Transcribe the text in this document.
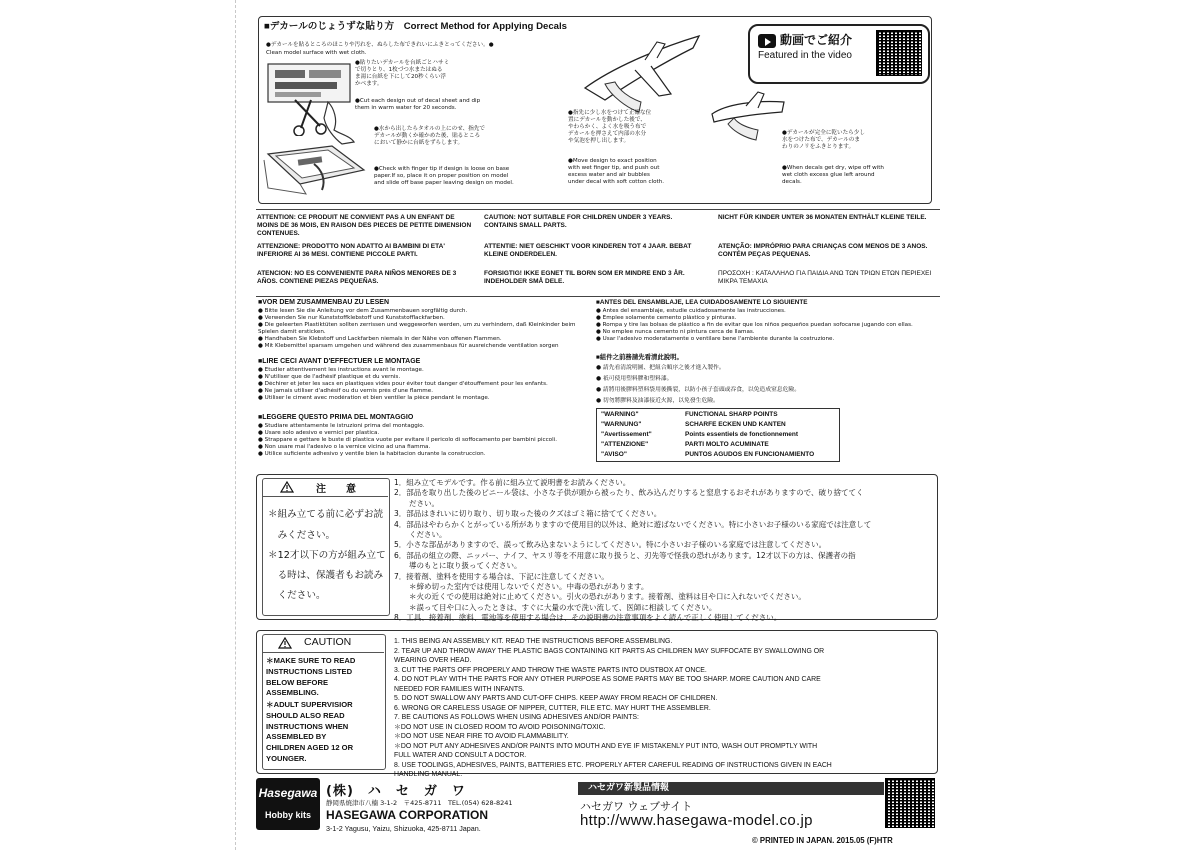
■デカールのじょうずな貼り方　Correct Method for Applying Decals
●デカールを貼るところのほこりや汚れを、ぬらした布できれいにふきとってください。●
Clean model surface with wet cloth.
●貼りたいデカールを台紙ごとハサミ
で切りとり、1枚づつ水またはぬる
ま湯に台紙を下にして20秒くらい浮
かべます。
●Cut each design out of decal sheet and dip
them in warm water for 20 seconds.
●水から出したらタオルの上にのせ、指先で
デカールが動くか確かめた後、貼るところ
において静かに台紙をずらします。
●Check with finger tip if design is loose on base
paper.If so, place it on proper position on model
and slide off base paper leaving design on model.
●指先に少し水をつけて正確な位
置にデカールを動かした後で、
やわらかく、よく水を吸う布で
デカールを押さえて内部の水分
や気泡を押し出します。
●Move design to exact position
with wet finger tip, and push out
excess water and air bubbles
under decal with soft cotton cloth.
●デカールが完全に乾いたら少し
水をつけた布で、デカールのま
わりのノリをふきとります。
●When decals get dry, wipe off with
wet cloth excess glue left around
decals.
動画でご紹介
Featured in the video
ATTENTION: CE PRODUIT NE CONVIENT PAS A UN ENFANT DE MOINS DE 36 MOIS, EN RAISON DES PIECES DE PETITE DIMENSION CONTENUES.
CAUTION: NOT SUITABLE FOR CHILDREN UNDER 3 YEARS. CONTAINS SMALL PARTS.
NICHT FÜR KINDER UNTER 36 MONATEN ENTHÄLT KLEINE TEILE.
ATTENZIONE: PRODOTTO NON ADATTO AI BAMBINI DI ETA' INFERIORE AI 36 MESI. CONTIENE PICCOLE PARTI.
ATTENTIE: NIET GESCHIKT VOOR KINDEREN TOT 4 JAAR. BEBAT KLEINE ONDERDELEN.
ATENÇÃO: IMPRÓPRIO PARA CRIANÇAS COM MENOS DE 3 ANOS. CONTÉM PEÇAS PEQUENAS.
ATENCION: NO ES CONVENIENTE PARA NIÑOS MENORES DE 3 AÑOS. CONTIENE PIEZAS PEQUEÑAS.
FORSIGTIG! IKKE EGNET TIL BORN SOM ER MINDRE END 3 ÅR. INDEHOLDER SMÅ DELE.
ΠΡΟΣΟΧΗ : ΚΑΤΑΛΛΗΛΟ ΓΙΑ ΠΑΙΔΙΑ ΑΝΩ ΤΩΝ ΤΡΙΩΝ ΕΤΩΝ ΠΕΡΙΕΧΕΙ ΜΙΚΡΑ ΤΕΜΑΧΙΑ
■VOR DEM ZUSAMMENBAU ZU LESEN
● Bitte lesen Sie die Anleitung vor dem Zusammenbauen sorgfältig durch.
● Verwenden Sie nur Kunststoffklebstoff und Kunststofflackfarben.
● Die geleerten Plastiktüten sollten zerrissen und weggeworfen werden, um zu verhindern, daß Kleinkinder beim Spielen damit ersticken.
● Handhaben Sie Klebstoff und Lackfarben niemals in der Nähe von offenen Flammen.
● Mit Klebemittel sparsam umgehen und während des zusammenbaus für ausreichende ventilation sorgen
■LIRE CECI AVANT D'EFFECTUER LE MONTAGE
● Etudier attentivement les instructions avant le montage.
● N'utiliser que de l'adhésif plastique et du vernis.
● Déchirer et jeter les sacs en plastiques vides pour éviter tout danger d'étouffement pour les enfants.
● Ne jamais utiliser d'adhésif ou du vernis près d'une flamme.
● Utiliser le ciment avec modération et bien ventiler la pièce pendant le montage.
■LEGGERE QUESTO PRIMA DEL MONTAGGIO
● Studiare attentamente le istruzioni prima del montaggio.
● Usare solo adesivo e vernici per plastica.
● Strappare e gettare le buste di plastica vuote per evitare il pericolo di soffocamento per bambini piccoli.
● Non usare mai l'adesivo o la vernice vicino ad una fiamma.
● Utilice suficiente adhesivo y ventile bien la habitacion durante la construccion.
■ANTES DEL ENSAMBLAJE, LEA CUIDADOSAMENTE LO SIGUIENTE
● Antes del ensamblaje, estudie cuidadosamente las instrucciones.
● Emplee solamente cemento plástico y pinturas.
● Rompa y tire las bolsas de plástico a fin de evitar que los niños pequeños puedan sofocarse jugando con ellas.
● No emplee nunca cemento ni pintura cerca de llamas.
● Usar l'adesivo moderatamente o ventilare bene l'ambiente durante la costruzione.
■組件之前務請先看清此說明。
● 請先看清說明圖、把組合順序之後才進入製作。
● 祇可使用塑料膠和塑料漆。
● 請將用後膠料塑料袋用後撕裂，以防小孩子套頭或吞食，以免造成窒息危險。
● 切勿將膠料及油漆接近火源，以免發生危險。
"WARNING"	FUNCTIONAL SHARP POINTS
"WARNUNG"	SCHARFE ECKEN UND KANTEN
"Avertissement"	Points essentiels de fonctionnement
"ATTENZIONE"	PARTI MOLTO ACUMINATE
"AVISO"	PUNTOS AGUDOS EN FUNCIONAMIENTO
注　　意
＊組み立てる前に必ずお読
　みください。
＊12才以下の方が組み立て
　る時は、保護者もお読み
　ください。
1．組み立てモデルです。作る前に組み立て説明書をお読みください。
2．部品を取り出した後のビニール袋は、小さな子供が頭から被ったり、飲み込んだりすると窒息するおそれがありますので、破り捨ててく
　　ださい。
3．部品はきれいに切り取り、切り取った後のクズはゴミ箱に捨ててください。
4．部品はやわらかくとがっている所がありますので使用目的以外は、絶対に遊ばないでください。特に小さいお子様のいる家庭では注意して
　　ください。
5．小さな部品がありますので、誤って飲み込まないようにしてください。特に小さいお子様のいる家庭では注意してください。
6．部品の組立の際、ニッパー、ナイフ、ヤスリ等を不用意に取り扱うと、刃先等で怪我の恐れがあります。12才以下の方は、保護者の指
　　導のもとに取り扱ってください。
7．接着剤、塗料を使用する場合は、下記に注意してください。
　　＊締め切った室内では使用しないでください。中毒の恐れがあります。
　　＊火の近くでの使用は絶対に止めてください。引火の恐れがあります。接着剤、塗料は目や口に入れないでください。
　　＊誤って目や口に入ったときは、すぐに大量の水で洗い流して、医師に相談してください。
8．工具、接着剤、塗料、電池等を使用する場合は、その説明書の注意事項をよく読んで正しく使用してください。
CAUTION
＊MAKE SURE TO READ
INSTRUCTIONS LISTED
BELOW BEFORE
ASSEMBLING.
＊ADULT SUPERVISIOR
SHOULD ALSO READ
INSTRUCTIONS WHEN
ASSEMBLED BY
CHILDREN AGED 12 OR
YOUNGER.
1. THIS BEING AN ASSEMBLY KIT. READ THE INSTRUCTIONS BEFORE ASSEMBLING.
2. TEAR UP AND THROW AWAY THE PLASTIC BAGS CONTAINING KIT PARTS AS CHILDREN MAY SUFFOCATE BY SWALLOWING OR
WEARING OVER HEAD.
3. CUT THE PARTS OFF PROPERLY AND THROW THE WASTE PARTS INTO DUSTBOX AT ONCE.
4. DO NOT PLAY WITH THE PARTS FOR ANY OTHER PURPOSE AS SOME PARTS MAY BE TOO SHARP. MORE CAUTION AND CARE
NEEDED FOR FAMILIES WITH INFANTS.
5. DO NOT SWALLOW ANY PARTS AND CUT-OFF CHIPS. KEEP AWAY FROM REACH OF CHILDREN.
6. WRONG OR CARELESS USAGE OF NIPPER, CUTTER, FILE ETC. MAY HURT THE ASSEMBLER.
7. BE CAUTIONS AS FOLLOWS WHEN USING ADHESIVES AND/OR PAINTS:
＊DO NOT USE IN CLOSED ROOM TO AVOID POISONING/TOXIC.
＊DO NOT USE NEAR FIRE TO AVOID FLAMMABILITY.
＊DO NOT PUT ANY ADHESIVES AND/OR PAINTS INTO MOUTH AND EYE IF MISTAKENLY PUT INTO, WASH OUT PROMPTLY WITH
FULL WATER AND CONSULT A DOCTOR.
8. USE TOOLINGS, ADHESIVES, PAINTS, BATTERIES ETC. PROPERLY AFTER CAREFUL READING OF INSTRUCTIONS GIVEN IN EACH
HANDLING MANUAL.
Hasegawa
Hobby kits
(株)　ハ　セ　ガ　ワ
静岡県焼津市八楠 3-1-2　〒425-8711　TEL.(054) 628-8241
HASEGAWA CORPORATION
3-1-2 Yagusu, Yaizu, Shizuoka, 425-8711 Japan.
ハセガワ新製品情報
ハセガワ ウェブサイト
http://www.hasegawa-model.co.jp
© PRINTED IN JAPAN. 2015.05 (F)HTR
